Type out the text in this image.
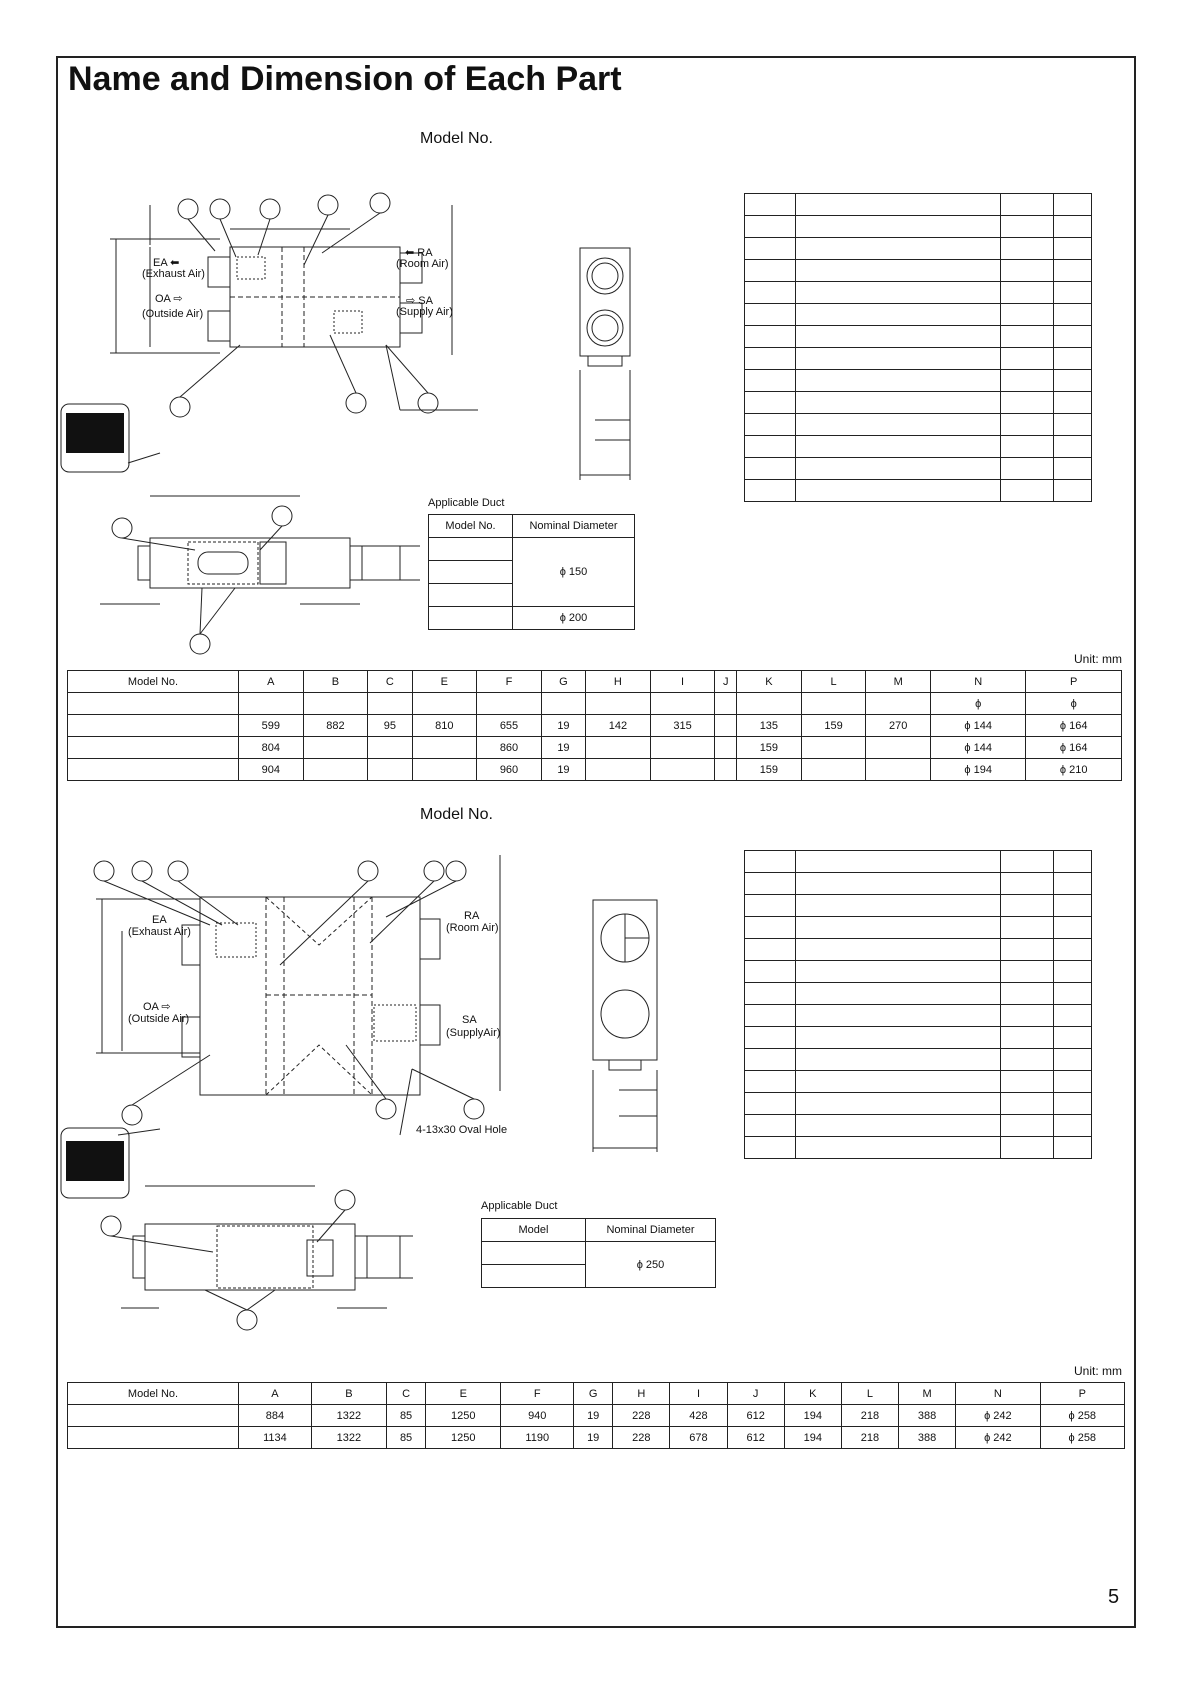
Name and Dimension of Each Part
Model No.
EA ⬅
(Exhaust Air)
OA ⇨
(Outside Air)
⬅ RA
(Room Air)
⇨ SA
(Supply Air)

Applicable Duct
Model No.	Nominal Diameter
	ϕ 150

	ϕ 200
Unit: mm
Model No.	A	B	C	E	F	G	H	I	J	K	L	M	N	P
													ϕ	ϕ
	599	882	95	810	655	19	142	315		135	159	270	ϕ 144	ϕ 164
	804				860	19				159			ϕ 144	ϕ 164
	904				960	19				159			ϕ 194	ϕ 210
Model No.
EA
(Exhaust Air)
OA ⇨
(Outside Air)
RA
(Room Air)
SA
(SupplyAir)
4-13x30 Oval Hole

Applicable Duct
Model	Nominal Diameter
	ϕ 250

Unit: mm
Model No.	A	B	C	E	F	G	H	I	J	K	L	M	N	P
	884	1322	85	1250	940	19	228	428	612	194	218	388	ϕ 242	ϕ 258
	1134	1322	85	1250	1190	19	228	678	612	194	218	388	ϕ 242	ϕ 258
5
